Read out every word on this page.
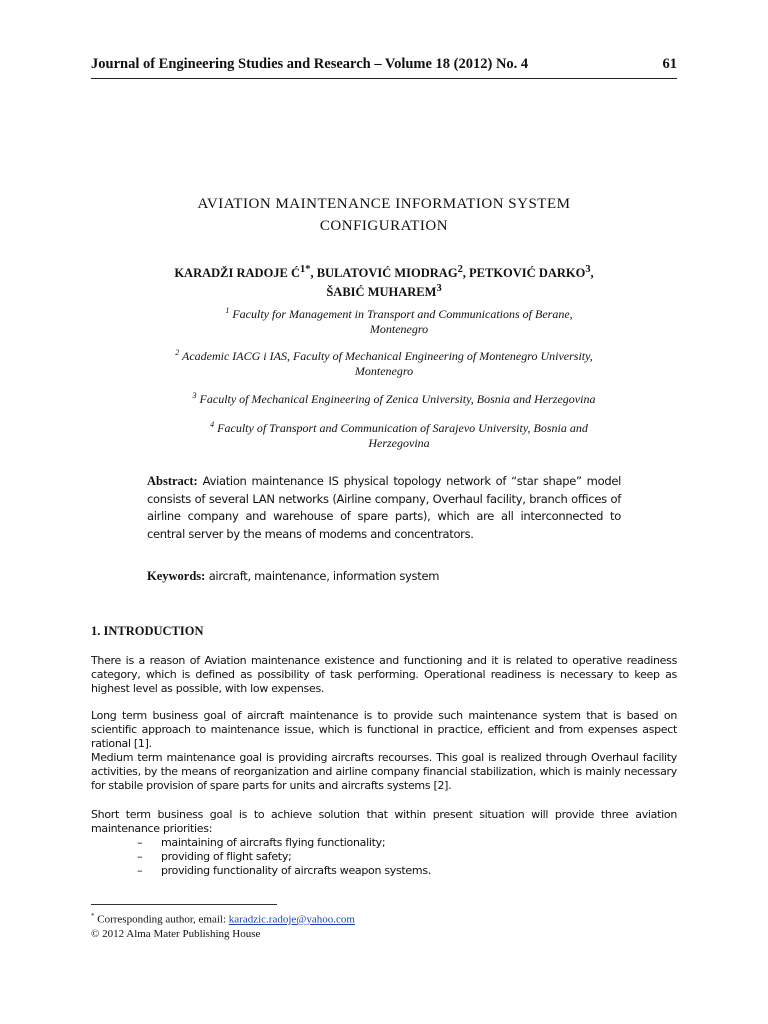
Journal of Engineering Studies and Research – Volume 18 (2012) No. 4	61
AVIATION MAINTENANCE INFORMATION SYSTEM
CONFIGURATION
KARADŽI RADOJE $Ć^{1*}$, BULATOVIĆ MIODRAG$^2$, PETKOVIĆ DARKO$^3$,
ŠABIĆ MUHAREM$^3$
$^1$ Faculty for Management in Transport and Communications of Berane,
Montenegro
$^2$ Academic IACG i IAS, Faculty of Mechanical Engineering of Montenegro University,
Montenegro
$^3$ Faculty of Mechanical Engineering of Zenica University, Bosnia and Herzegovina
$^4$ Faculty of Transport and Communication of Sarajevo University, Bosnia and
Herzegovina
Abstract: Aviation maintenance IS physical topology network of “star shape” model consists of several LAN networks (Airline company, Overhaul facility, branch offices of airline company and warehouse of spare parts), which are all interconnected to central server by the means of modems and concentrators.
Keywords: aircraft, maintenance, information system
1. INTRODUCTION

There is a reason of Aviation maintenance existence and functioning and it is related to operative readiness category, which is defined as possibility of task performing. Operational readiness is necessary to keep as highest level as possible, with low expenses.

Long term business goal of aircraft maintenance is to provide such maintenance system that is based on scientific approach to maintenance issue, which is functional in practice, efficient and from expenses aspect rational [1].

Medium term maintenance goal is providing aircrafts recourses. This goal is realized through Overhaul facility activities, by the means of reorganization and airline company financial stabilization, which is mainly necessary for stabile provision of spare parts for units and aircrafts systems [2].

Short term business goal is to achieve solution that within present situation will provide three aviation maintenance priorities:

–	maintaining of aircrafts flying functionality;
–	providing of flight safety;
–	providing functionality of aircrafts weapon systems.
* Corresponding author, email: karadzic.radoje@yahoo.com
© 2012 Alma Mater Publishing House
